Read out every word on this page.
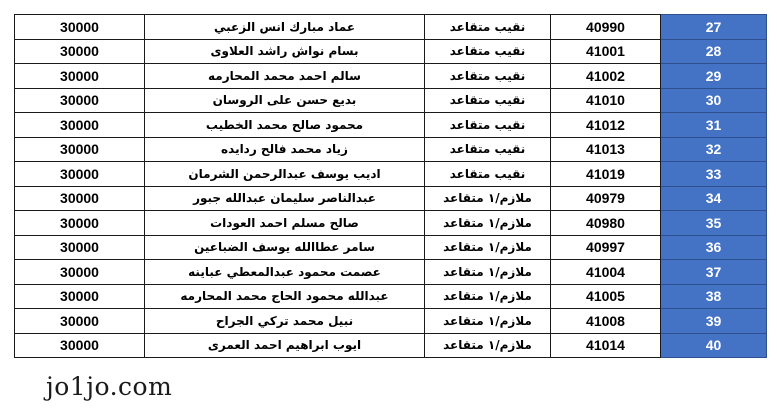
30000	عماد مبارك انس الزعبي	نقيب متقاعد	40990	27
30000	بسام نواش راشد العلاوى	نقيب متقاعد	41001	28
30000	سالم احمد محمد المحارمه	نقيب متقاعد	41002	29
30000	بديع حسن على الروسان	نقيب متقاعد	41010	30
30000	محمود صالح محمد الخطيب	نقيب متقاعد	41012	31
30000	زياد محمد فالح ردايده	نقيب متقاعد	41013	32
30000	اديب يوسف عبدالرحمن الشرمان	نقيب متقاعد	41019	33
30000	عبدالناصر سليمان عبدالله جبور	ملازم/١ متقاعد	40979	34
30000	صالح مسلم احمد العودات	ملازم/١ متقاعد	40980	35
30000	سامر عطاالله يوسف الضباعين	ملازم/١ متقاعد	40997	36
30000	عصمت محمود عبدالمعطي عباينه	ملازم/١ متقاعد	41004	37
30000	عبدالله محمود الحاج محمد المحارمه	ملازم/١ متقاعد	41005	38
30000	نبيل محمد تركي الجراح	ملازم/١ متقاعد	41008	39
30000	ايوب ابراهيم احمد العمرى	ملازم/١ متقاعد	41014	40
jo1jo.com
